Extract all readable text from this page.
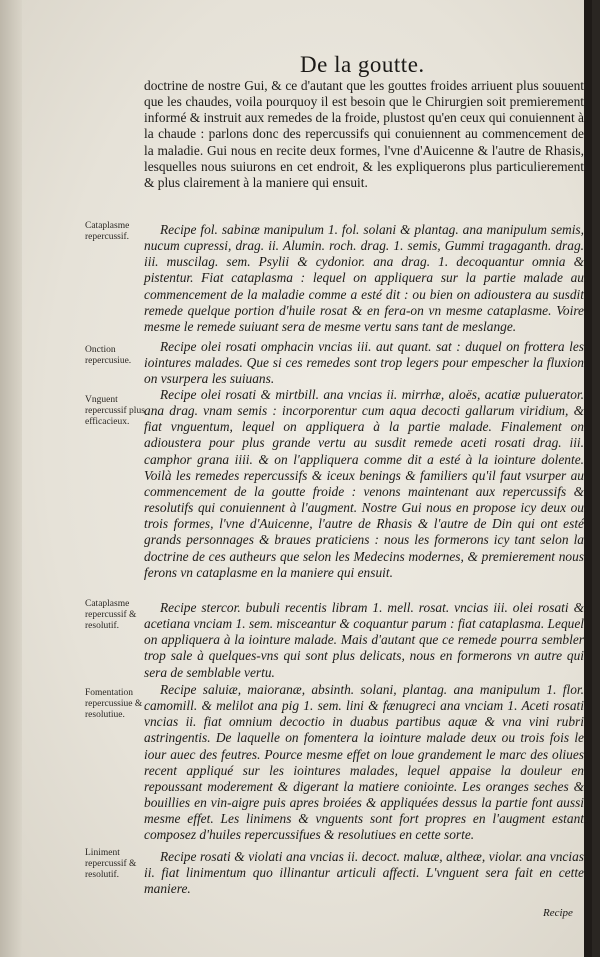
De la goutte.

doctrine de nostre Gui, & ce d'autant que les gouttes froides arriuent plus souuent que les chaudes, voila pourquoy il est besoin que le Chirurgien soit premierement informé & instruit aux remedes de la froide, plustost qu'en ceux qui conuiennent à la chaude : parlons donc des repercussifs qui conuiennent au commencement de la maladie. Gui nous en recite deux formes, l'vne d'Auicenne & l'autre de Rhasis, lesquelles nous suiurons en cet endroit, & les expliquerons plus particulierement & plus clairement à la maniere qui ensuit.

Recipe fol. sabinæ manipulum 1. fol. solani & plantag. ana manipulum semis, nucum cupressi, drag. ii. Alumin. roch. drag. 1. semis, Gummi tragaganth. drag. iii. muscilag. sem. Psylii & cydonior. ana drag. 1. decoquantur omnia & pistentur. Fiat cataplasma : lequel on appliquera sur la partie malade au commencement de la maladie comme a esté dit : ou bien on adioustera au susdit remede quelque portion d'huile rosat & en fera-on vn mesme cataplasme. Voire mesme le remede suiuant sera de mesme vertu sans tant de meslange.

Recipe olei rosati omphacin vncias iii. aut quant. sat : duquel on frottera les iointures malades. Que si ces remedes sont trop legers pour empescher la fluxion on vsurpera les suiuans.

Recipe olei rosati & mirtbill. ana vncias ii. mirrhæ, aloës, acatiæ puluerator. ana drag. vnam semis : incorporentur cum aqua decocti gallarum viridium, & fiat vnguentum, lequel on appliquera à la partie malade. Finalement on adioustera pour plus grande vertu au susdit remede aceti rosati drag. iii. camphor grana iiii. & on l'appliquera comme dit a esté à la iointure dolente. Voilà les remedes repercussifs & iceux benings & familiers qu'il faut vsurper au commencement de la goutte froide : venons maintenant aux repercussifs & resolutifs qui conuiennent à l'augment. Nostre Gui nous en propose icy deux ou trois formes, l'vne d'Auicenne, l'autre de Rhasis & l'autre de Din qui ont esté grands personnages & braues praticiens : nous les formerons icy tant selon la doctrine de ces autheurs que selon les Medecins modernes, & premierement nous ferons vn cataplasme en la maniere qui ensuit.

Recipe stercor. bubuli recentis libram 1. mell. rosat. vncias iii. olei rosati & acetiana vnciam 1. sem. misceantur & coquantur parum : fiat cataplasma. Lequel on appliquera à la iointure malade. Mais d'autant que ce remede pourra sembler trop sale à quelques-vns qui sont plus delicats, nous en formerons vn autre qui sera de semblable vertu.

Recipe saluiæ, maioranæ, absinth. solani, plantag. ana manipulum 1. flor. camomill. & melilot ana pig 1. sem. lini & fænugreci ana vnciam 1. Aceti rosati vncias ii. fiat omnium decoctio in duabus partibus aquæ & vna vini rubri astringentis. De laquelle on fomentera la iointure malade deux ou trois fois le iour auec des feutres. Pource mesme effet on loue grandement le marc des oliues recent appliqué sur les iointures malades, lequel appaise la douleur en repoussant moderement & digerant la matiere coniointe. Les oranges seches & bouillies en vin-aigre puis apres broiées & appliquées dessus la partie font aussi mesme effet. Les linimens & vnguents sont fort propres en l'augment estant composez d'huiles repercussifues & resolutiues en cette sorte.

Recipe rosati & violati ana vncias ii. decoct. maluæ, altheæ, violar. ana vncias ii. fiat linimentum quo illinantur articuli affecti. L'vnguent sera fait en cette maniere.

Cataplasme repercussif.
Onction repercusiue.
Vnguent repercussif plus efficacieux.
Cataplasme repercussif & resolutif.
Fomentation repercussiue & resolutiue.
Liniment repercussif & resolutif.
Recipe
